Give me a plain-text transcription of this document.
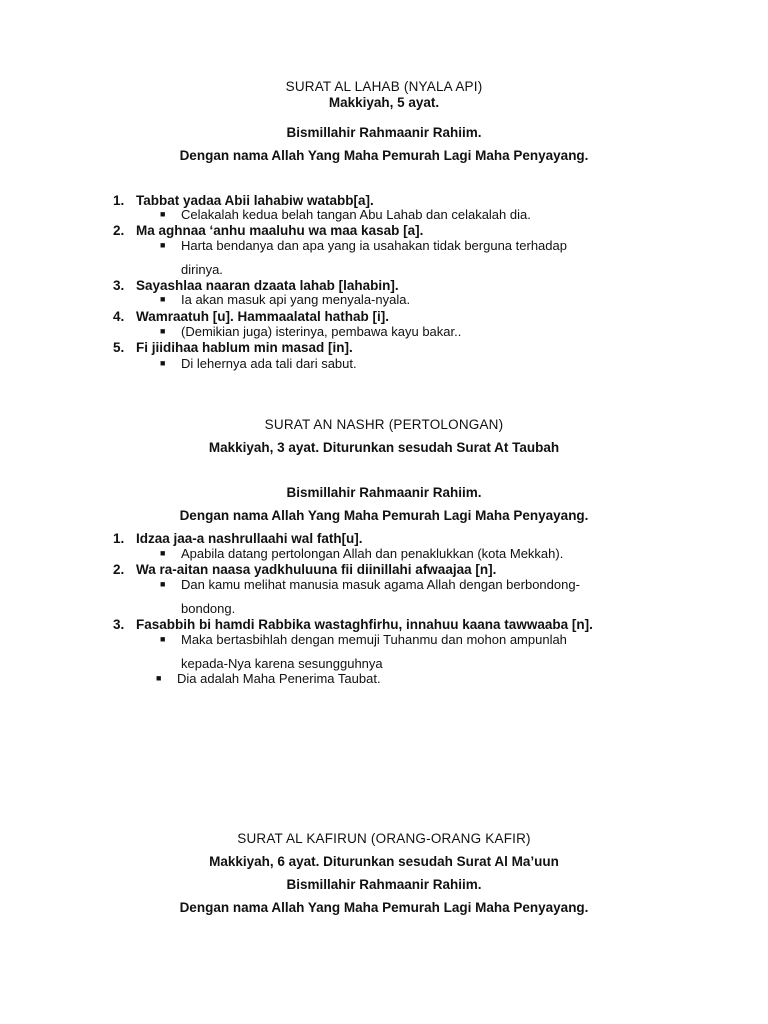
SURAT AL LAHAB (NYALA API)

Makkiyah, 5 ayat.

Bismillahir Rahmaanir Rahiim.

Dengan nama Allah Yang Maha Pemurah Lagi Maha Penyayang.

1. Tabbat yadaa Abii lahabiw watabb[a].
■ Celakalah kedua belah tangan Abu Lahab dan celakalah dia.
2. Ma aghnaa ‘anhu maaluhu wa maa kasab [a].
■ Harta bendanya dan apa yang ia usahakan tidak berguna terhadap
dirinya.
3. Sayashlaa naaran dzaata lahab [lahabin].
■ Ia akan masuk api yang menyala-nyala.
4. Wamraatuh [u]. Hammaalatal hathab [i].
■ (Demikian juga) isterinya, pembawa kayu bakar..
5. Fi jiidihaa hablum min masad [in].
■ Di lehernya ada tali dari sabut.

SURAT AN NASHR (PERTOLONGAN)

Makkiyah, 3 ayat. Diturunkan sesudah Surat At Taubah

Bismillahir Rahmaanir Rahiim.

Dengan nama Allah Yang Maha Pemurah Lagi Maha Penyayang.

1. Idzaa jaa-a nashrullaahi wal fath[u].
■ Apabila datang pertolongan Allah dan penaklukkan (kota Mekkah).
2. Wa ra-aitan naasa yadkhuluuna fii diinillahi afwaajaa [n].
■ Dan kamu melihat manusia masuk agama Allah dengan berbondong-
bondong.
3. Fasabbih bi hamdi Rabbika wastaghfirhu, innahuu kaana tawwaaba [n].
■ Maka bertasbihlah dengan memuji Tuhanmu dan mohon ampunlah
kepada-Nya karena sesungguhnya
■ Dia adalah Maha Penerima Taubat.

SURAT AL KAFIRUN (ORANG-ORANG KAFIR)

Makkiyah, 6 ayat. Diturunkan sesudah Surat Al Ma’uun

Bismillahir Rahmaanir Rahiim.

Dengan nama Allah Yang Maha Pemurah Lagi Maha Penyayang.
